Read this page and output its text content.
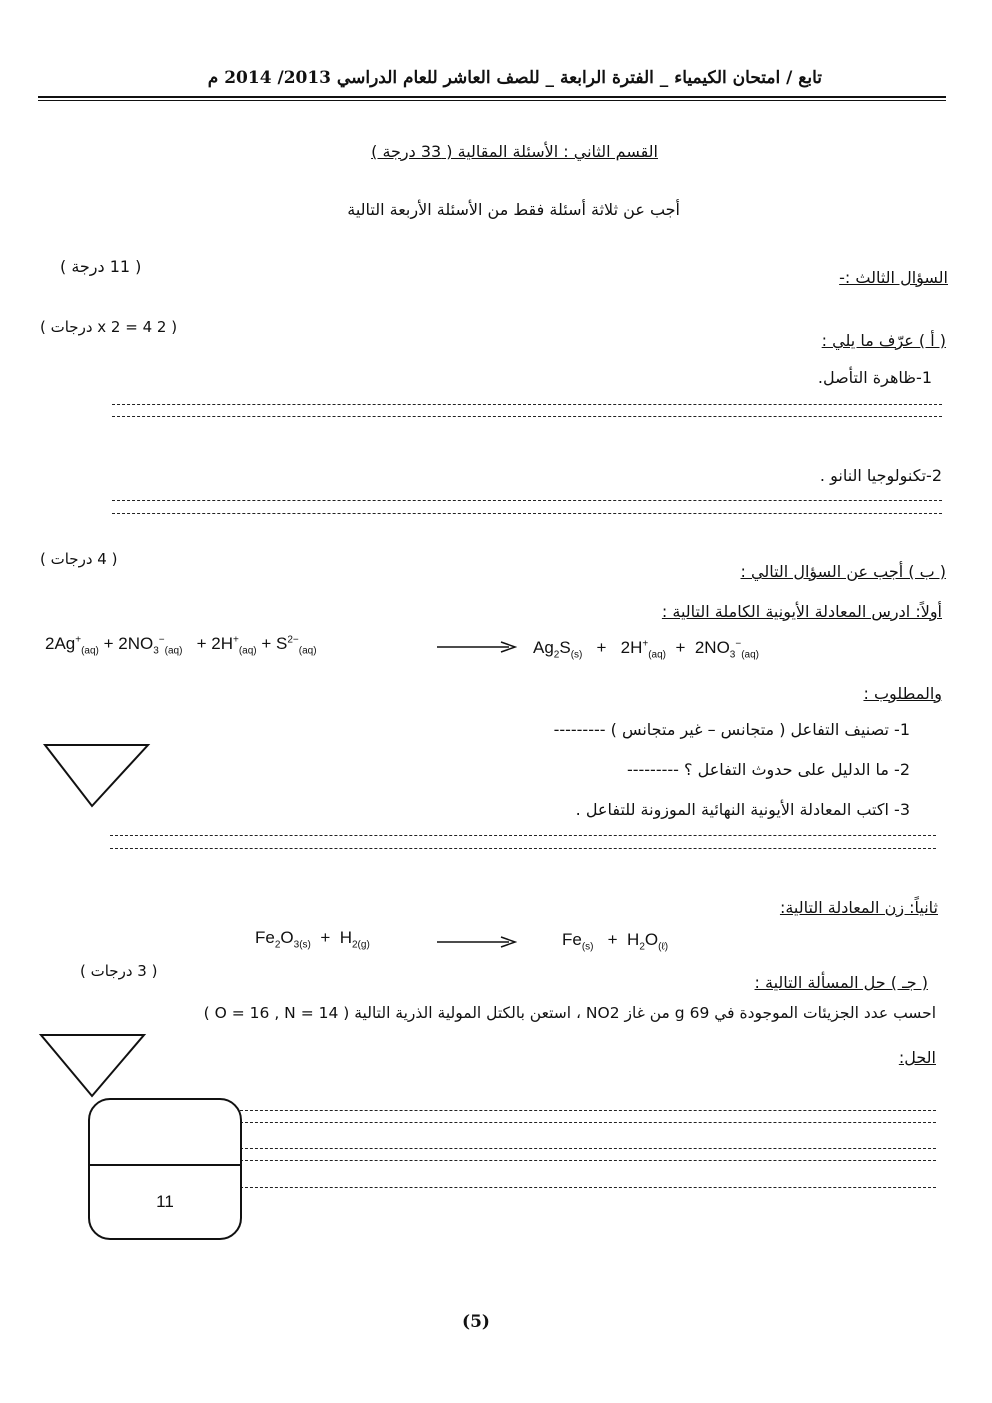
تابع / امتحان الكيمياء _ الفترة الرابعة _ للصف العاشر للعام الدراسي 2013/ 2014 م
القسم الثاني : الأسئلة المقالية ( 33 درجة )
أجب عن ثلاثة أسئلة فقط من الأسئلة الأربعة التالية
( 11 درجة )
السؤال الثالث :-
( 2 x 2 = 4 درجات )
( أ ) عرّف ما يلي :
1-ظاهرة التأصل.
2-تكنولوجيا النانو .
( 4 درجات )
( ب ) أجب عن السؤال التالي :
أولاً: ادرس المعادلة الأيونية الكاملة التالية :
$2Ag^+_{(aq)} + 2NO_3^-_{(aq)} + 2H^+_{(aq)} + S^{2-}_{(aq)}$	$Ag_2S_{(s)} + 2H^+_{(aq)} + 2NO_3^-_{(aq)}$
والمطلوب :
1- تصنيف التفاعل ( متجانس – غير متجانس ) ---------
2- ما الدليل على حدوث التفاعل ؟ ---------
3- اكتب المعادلة الأيونية النهائية الموزونة للتفاعل .
ثانياً: زن المعادلة التالية:
$Fe_2O_{3(s)} + H_{2(g)}$	$Fe_{(s)} + H_2O_{(\ell)}$
( 3 درجات )
( جـ ) حل المسألة التالية :
احسب عدد الجزيئات الموجودة في 69 g من غاز NO2 ، استعن بالكتل المولية الذرية التالية ( O = 16 , N = 14 )
الحل:
11
(5)
